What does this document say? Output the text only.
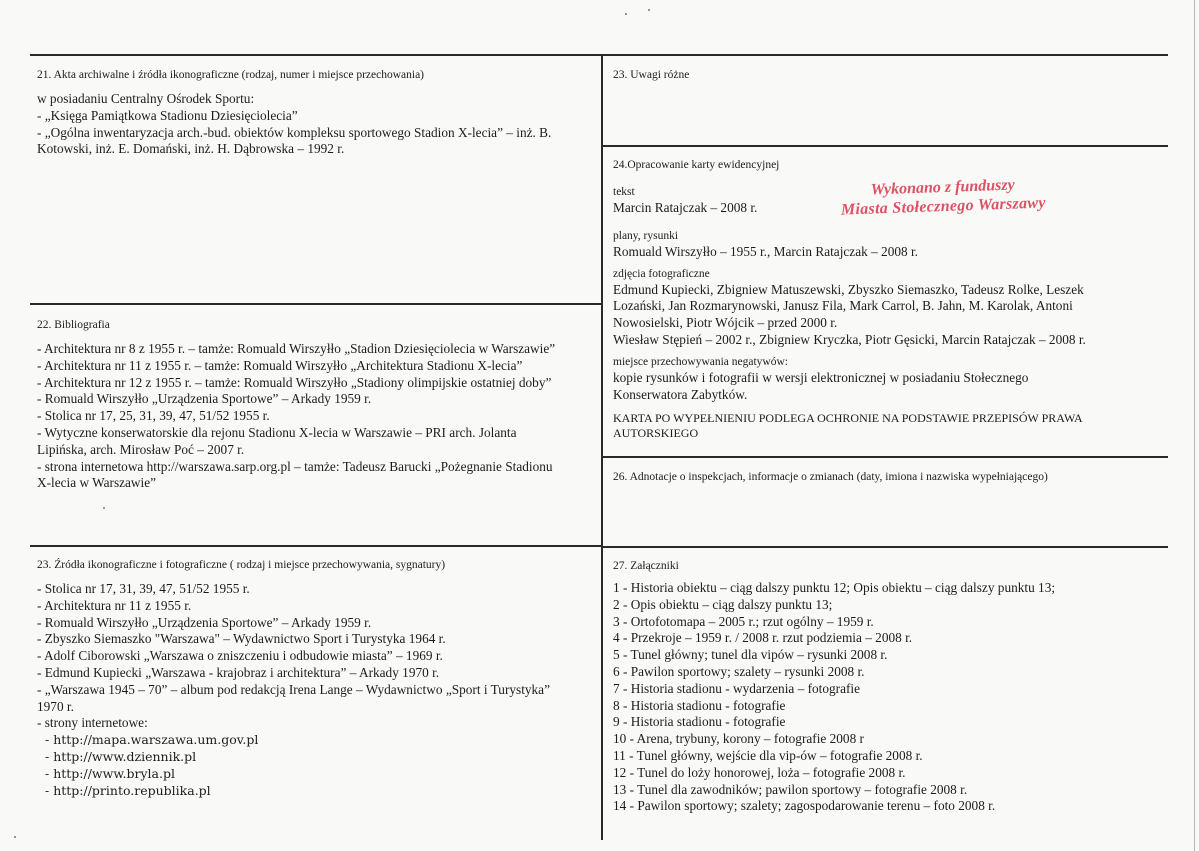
21. Akta archiwalne i źródła ikonograficzne (rodzaj, numer i miejsce przechowania)
w posiadaniu Centralny Ośrodek Sportu:
- „Księga Pamiątkowa Stadionu Dziesięciolecia”
- „Ogólna inwentaryzacja arch.-bud. obiektów kompleksu sportowego Stadion X-lecia” – inż. B.
Kotowski, inż. E. Domański, inż. H. Dąbrowska – 1992 r.
22. Bibliografia
- Architektura nr 8 z 1955 r. – tamże: Romuald Wirszyłło „Stadion Dziesięciolecia w Warszawie”
- Architektura nr 11 z 1955 r. – tamże: Romuald Wirszyłło „Architektura Stadionu X-lecia”
- Architektura nr 12 z 1955 r. – tamże: Romuald Wirszyłło „Stadiony olimpijskie ostatniej doby”
- Romuald Wirszyłło „Urządzenia Sportowe” – Arkady 1959 r.
- Stolica nr 17, 25, 31, 39, 47, 51/52 1955 r.
- Wytyczne konserwatorskie dla rejonu Stadionu X-lecia w Warszawie – PRI arch. Jolanta
Lipińska, arch. Mirosław Poć – 2007 r.
- strona internetowa http://warszawa.sarp.org.pl – tamże: Tadeusz Barucki „Pożegnanie Stadionu
X-lecia w Warszawie”
23. Źródła ikonograficzne i fotograficzne ( rodzaj i miejsce przechowywania, sygnatury)
- Stolica nr 17, 31, 39, 47, 51/52 1955 r.
- Architektura nr 11 z 1955 r.
- Romuald Wirszyłło „Urządzenia Sportowe” – Arkady 1959 r.
- Zbyszko Siemaszko "Warszawa" – Wydawnictwo Sport i Turystyka 1964 r.
- Adolf Ciborowski „Warszawa o zniszczeniu i odbudowie miasta” – 1969 r.
- Edmund Kupiecki „Warszawa - krajobraz i architektura” – Arkady 1970 r.
- „Warszawa 1945 – 70” – album pod redakcją Irena Lange – Wydawnictwo „Sport i Turystyka”
1970 r.
- strony internetowe:
- http://mapa.warszawa.um.gov.pl
- http://www.dziennik.pl
- http://www.bryla.pl
- http://printo.republika.pl
23. Uwagi różne
24.Opracowanie karty ewidencyjnej
tekst
Marcin Ratajczak – 2008 r.
plany, rysunki
Romuald Wirszyłło – 1955 r., Marcin Ratajczak – 2008 r.
zdjęcia fotograficzne
Edmund Kupiecki, Zbigniew Matuszewski, Zbyszko Siemaszko, Tadeusz Rolke, Leszek
Lozański, Jan Rozmarynowski, Janusz Fila, Mark Carrol, B. Jahn, M. Karolak, Antoni
Nowosielski, Piotr Wójcik – przed 2000 r.
Wiesław Stępień – 2002 r., Zbigniew Kryczka, Piotr Gęsicki, Marcin Ratajczak – 2008 r.
miejsce przechowywania negatywów:
kopie rysunków i fotografii w wersji elektronicznej w posiadaniu Stołecznego
Konserwatora Zabytków.
KARTA PO WYPEŁNIENIU PODLEGA OCHRONIE NA PODSTAWIE PRZEPISÓW PRAWA
AUTORSKIEGO
Wykonano z funduszy
Miasta Stołecznego Warszawy
26. Adnotacje o inspekcjach, informacje o zmianach (daty, imiona i nazwiska wypełniającego)
27. Załączniki
1 - Historia obiektu – ciąg dalszy punktu 12; Opis obiektu – ciąg dalszy punktu 13;
2 - Opis obiektu – ciąg dalszy punktu 13;
3 - Ortofotomapa – 2005 r.; rzut ogólny – 1959 r.
4 - Przekroje – 1959 r. / 2008 r. rzut podziemia – 2008 r.
5 - Tunel główny; tunel dla vipów – rysunki 2008 r.
6 - Pawilon sportowy; szalety – rysunki 2008 r.
7 - Historia stadionu - wydarzenia – fotografie
8 - Historia stadionu - fotografie
9 - Historia stadionu - fotografie
10 - Arena, trybuny, korony – fotografie 2008 r
11 - Tunel główny, wejście dla vip-ów – fotografie 2008 r.
12 - Tunel do loży honorowej, loża – fotografie 2008 r.
13 - Tunel dla zawodników; pawilon sportowy – fotografie 2008 r.
14 - Pawilon sportowy; szalety; zagospodarowanie terenu – foto 2008 r.
